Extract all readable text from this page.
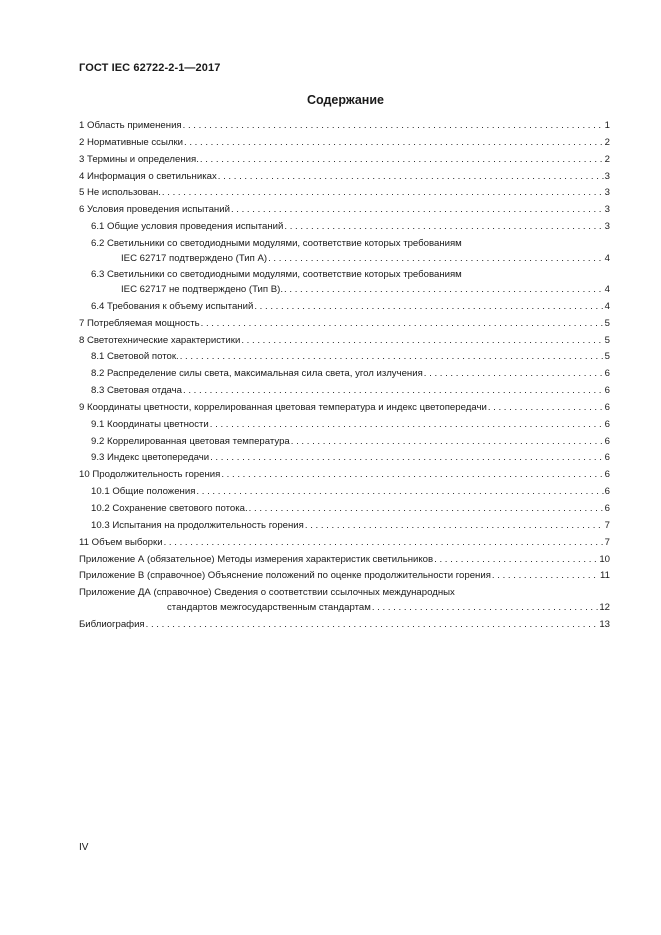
ГОСТ IEC 62722-2-1—2017
Содержание
1 Область применения . . .	1
2 Нормативные ссылки . . .	2
3 Термины и определения. . . .	2
4 Информация о светильниках . . .	3
5 Не использован. . . .	3
6 Условия проведения испытаний . . .	3
6.1 Общие условия проведения испытаний . . .	3
6.2 Светильники со светодиодными модулями, соответствие которых требованиям
IEC 62717 подтверждено (Тип А) . . .	4
6.3 Светильники со светодиодными модулями, соответствие которых требованиям
IEC 62717 не подтверждено (Тип В). . . .	4
6.4 Требования к объему испытаний . . .	4
7 Потребляемая мощность . . .	5
8 Светотехнические характеристики . . .	5
8.1 Световой поток. . . .	5
8.2 Распределение силы света, максимальная сила света, угол излучения . . .	6
8.3 Световая отдача . . .	6
9 Координаты цветности, коррелированная цветовая температура и индекс цветопередачи . . .	6
9.1 Координаты цветности . . .	6
9.2 Коррелированная цветовая температура . . .	6
9.3 Индекс цветопередачи . . .	6
10 Продолжительность горения . . .	6
10.1 Общие положения . . .	6
10.2 Сохранение светового потока. . . .	6
10.3 Испытания на продолжительность горения . . .	7
11 Объем выборки . . .	7
Приложение А (обязательное) Методы измерения характеристик светильников . . .	10
Приложение В (справочное) Объяснение положений по оценке продолжительности горения . . .	11
Приложение ДА (справочное) Сведения о соответствии ссылочных международных
стандартов межгосударственным стандартам . . .	12
Библиография . . .	13
IV
